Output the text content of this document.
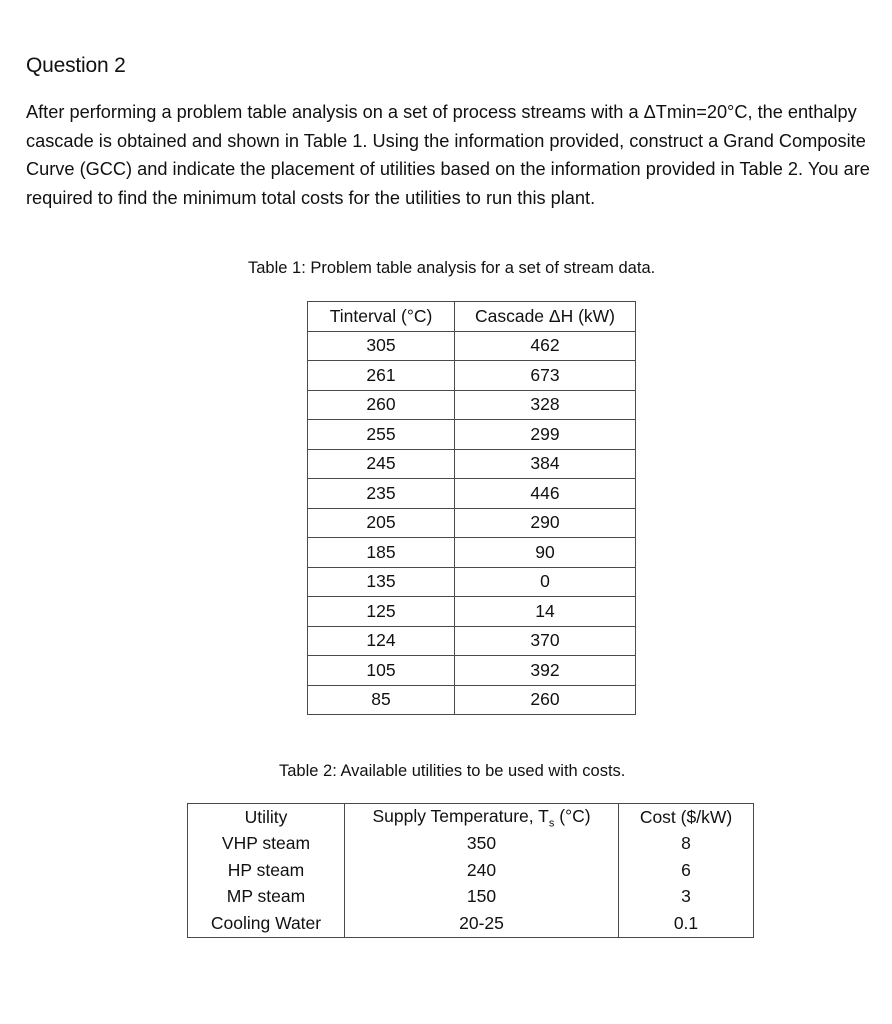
Question 2

After performing a problem table analysis on a set of process streams with a ΔTmin=20°C, the enthalpy cascade is obtained and shown in Table 1. Using the information provided, construct a Grand Composite Curve (GCC) and indicate the placement of utilities based on the information provided in Table 2. You are required to find the minimum total costs for the utilities to run this plant.

Table 1: Problem table analysis for a set of stream data.
Tinterval (°C)	Cascade ΔH (kW)
305	462
261	673
260	328
255	299
245	384
235	446
205	290
185	90
135	0
125	14
124	370
105	392
85	260
Table 2: Available utilities to be used with costs.
Utility	Supply Temperature, $T_s$ (°C)	Cost ($/kW)
VHP steam	350	8
HP steam	240	6
MP steam	150	3
Cooling Water	20-25	0.1
